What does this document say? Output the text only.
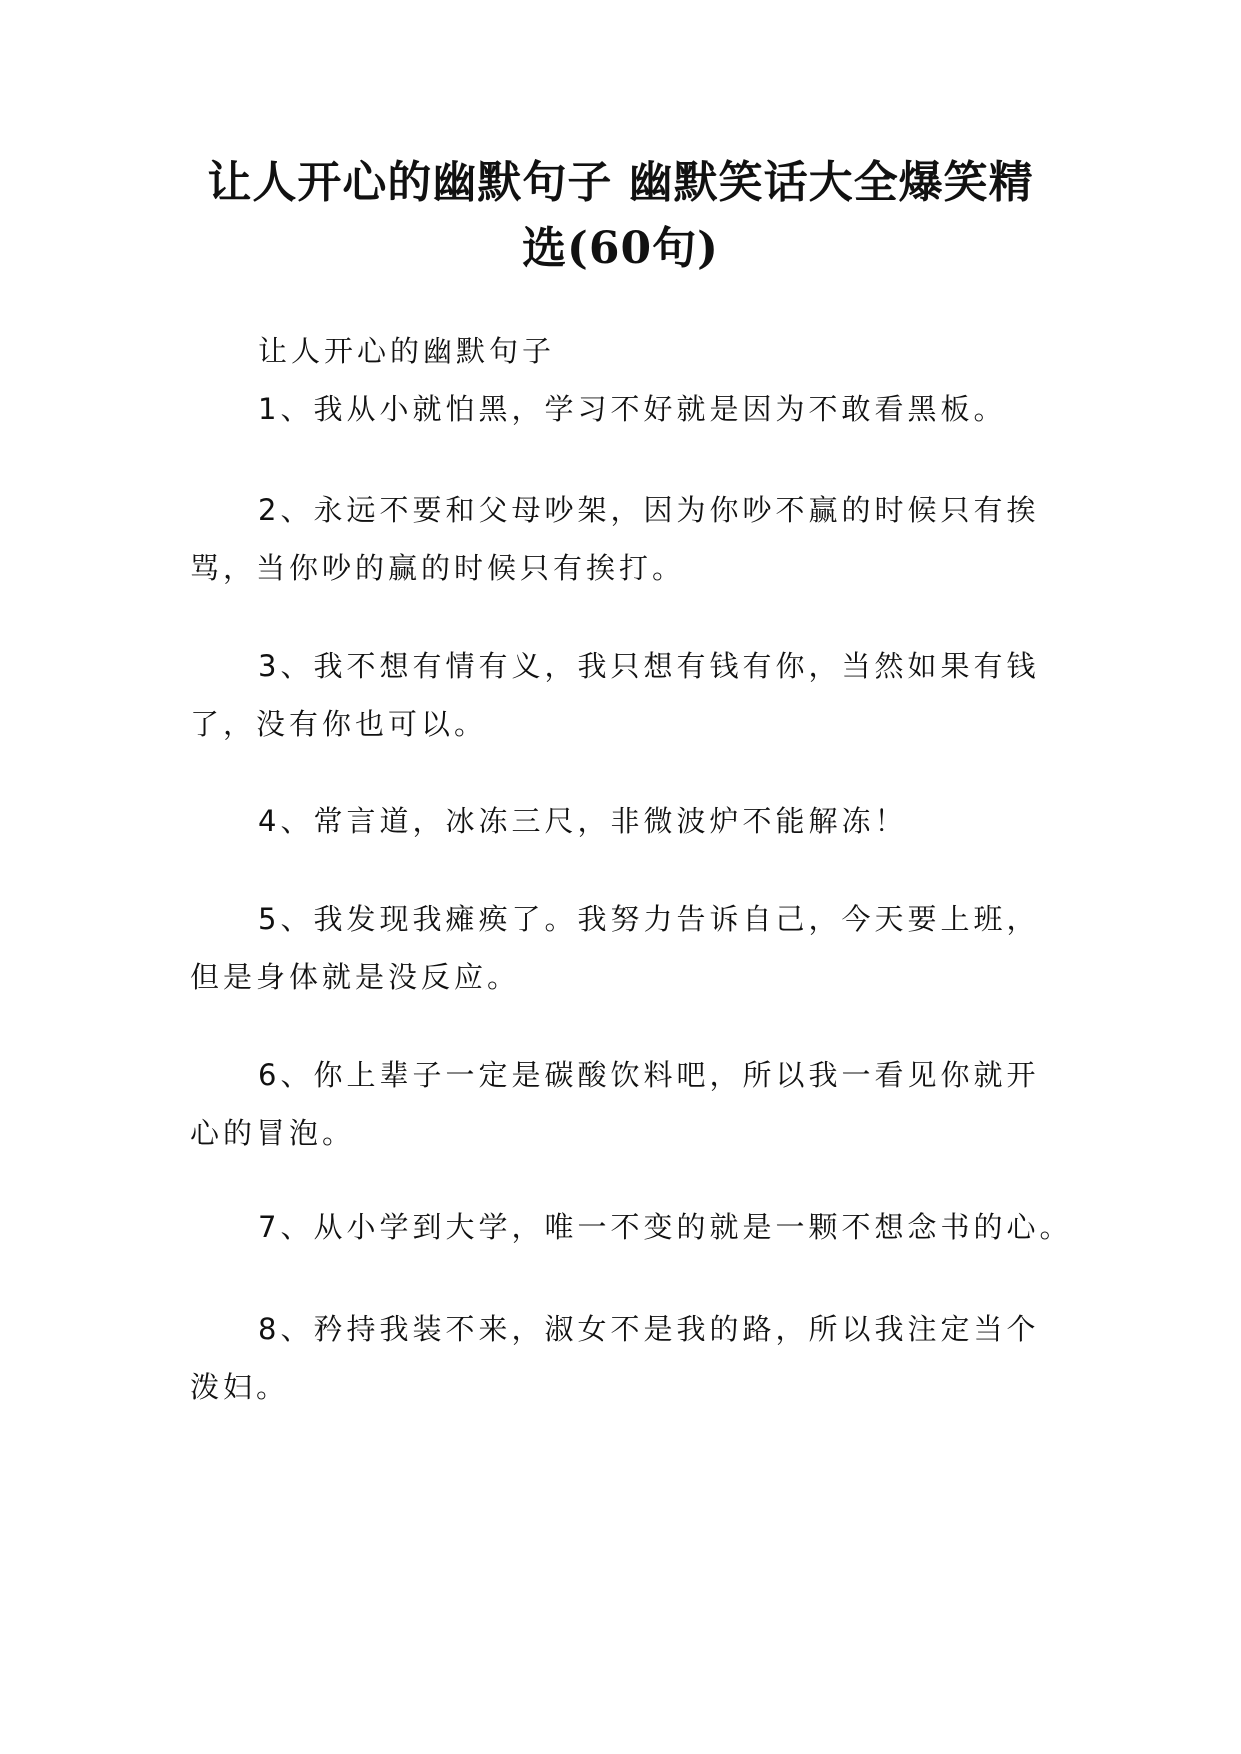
让人开心的幽默句子 幽默笑话大全爆笑精
选(60句)

让人开心的幽默句子

1、我从小就怕黑，学习不好就是因为不敢看黑板。

2、永远不要和父母吵架，因为你吵不赢的时候只有挨
骂，当你吵的赢的时候只有挨打。

3、我不想有情有义，我只想有钱有你，当然如果有钱
了，没有你也可以。

4、常言道，冰冻三尺，非微波炉不能解冻！

5、我发现我瘫痪了。我努力告诉自己，今天要上班，
但是身体就是没反应。

6、你上辈子一定是碳酸饮料吧，所以我一看见你就开
心的冒泡。

7、从小学到大学，唯一不变的就是一颗不想念书的心。

8、矜持我装不来，淑女不是我的路，所以我注定当个
泼妇。
